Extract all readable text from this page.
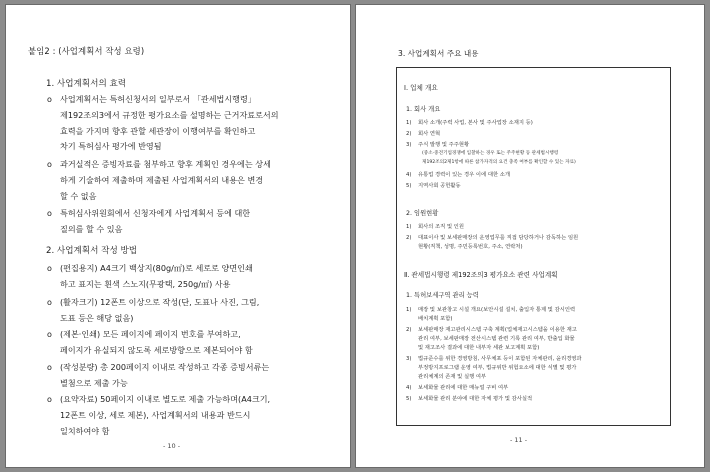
붙임2 : (사업계획서 작성 요령)
1. 사업계획서의 효력
o 사업계획서는 특허신청서의 일부로서 「관세법시행령」
제192조의3에서 규정한 평가요소를 설명하는 근거자료로서의
효력을 가지며 향후 관할 세관장이 이행여부를 확인하고
차기 특허심사 평가에 반영됨
o 과거실적은 증빙자료를 첨부하고 향후 계획인 경우에는 상세
하게 기술하여 제출하며 제출된 사업계획서의 내용은 변경
할 수 없음
o 특허심사위원회에서 신청자에게 사업계획서 등에 대한
질의를 할 수 있음
2. 사업계획서 작성 방법
o (편집용지) A4크기 백상지(80g/㎡)로 세로로 양면인쇄
하고 표지는 흰색 스노지(무광택, 250g/㎡) 사용
o (활자크기) 12폰트 이상으로 작성(단, 도표나 사진, 그림,
도표 등은 해당 없음)
o (제본·인쇄) 모든 페이지에 페이지 번호를 부여하고,
페이지가 유실되지 않도록 세로방향으로 제본되어야 함
o (작성분량) 총 200페이지 이내로 작성하고 각종 증빙서류는
별첨으로 제출 가능
o (요약자료) 50페이지 이내로 별도로 제출 가능하며(A4크기,
12폰트 이상, 세로 제본), 사업계획서의 내용과 반드시
일치하여야 함
- 10 -
3. 사업계획서 주요 내용
Ⅰ. 업체 개요
1. 회사 개요
1) 회사 소개(주력 사업, 본사 및 주사업장 소재지 등)
2) 회사 연혁
3) 주식 발행 및 주주현황
(중소·중견기업경쟁에 입찰하는 경우 또는 주주현황 등 관세법시행령
제192조의2제1항에 따른 참가자격의 요건 충족 여부를 확인할 수 있는 자료)
4) 유통업 경력이 있는 경우 이에 대한 소개
5) 지역사회 공헌활동
2. 임원현황
1) 회사의 조직 및 인원
2) 대표이사 및 보세판매장의 운영업무를 직접 담당하거나 감독하는 임원
현황(직책, 성명, 주민등록번호, 주소, 연락처)
Ⅱ. 관세법시행령 제192조의3 평가요소 관련 사업계획
1. 특허보세구역 관리 능력
1) 매장 및 보관창고 시설 개요(보안시설 설치, 출입자 통제 및 감시인력
배치계획 포함)
2) 보세판매장 재고관리시스템 구축 계획(업체재고시스템을 이용한 재고
관리 여부, 보세판매장 전산시스템 관련 기록 관리 여부, 반출입 화물
및 재고조사 결과에 대한 내부자 세관 보고계획 포함)
3) 법규준수를 위한 경영방침, 사무체포 등이 포함된 자체관리, 윤리경영과
부정방지프로그램 운영 여부, 법규위반 위험요소에 대한 식별 및 평가
관리체계의 존재 및 실행 여부
4) 보세화물 관리에 대한 매뉴얼 구비 여부
5) 보세화물 관리 분야에 대한 자체 평가 및 감사실적
- 11 -
